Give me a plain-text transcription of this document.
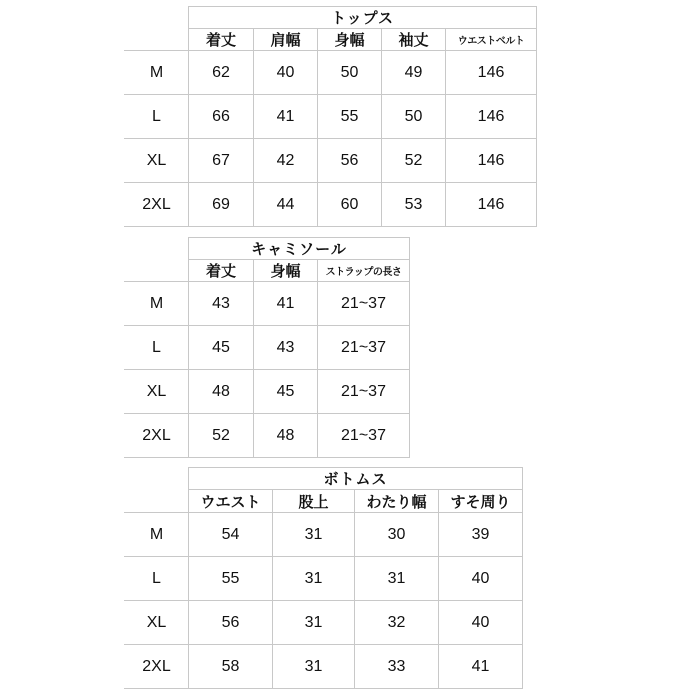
	トップス				
	着丈	肩幅	身幅	袖丈	ウエストベルト
M	62	40	50	49	146
L	66	41	55	50	146
XL	67	42	56	52	146
2XL	69	44	60	53	146
	キャミソール		
	着丈	身幅	ストラップの長さ
M	43	41	21~37
L	45	43	21~37
XL	48	45	21~37
2XL	52	48	21~37
	ボトムス			
	ウエスト	股上	わたり幅	すそ周り
M	54	31	30	39
L	55	31	31	40
XL	56	31	32	40
2XL	58	31	33	41
